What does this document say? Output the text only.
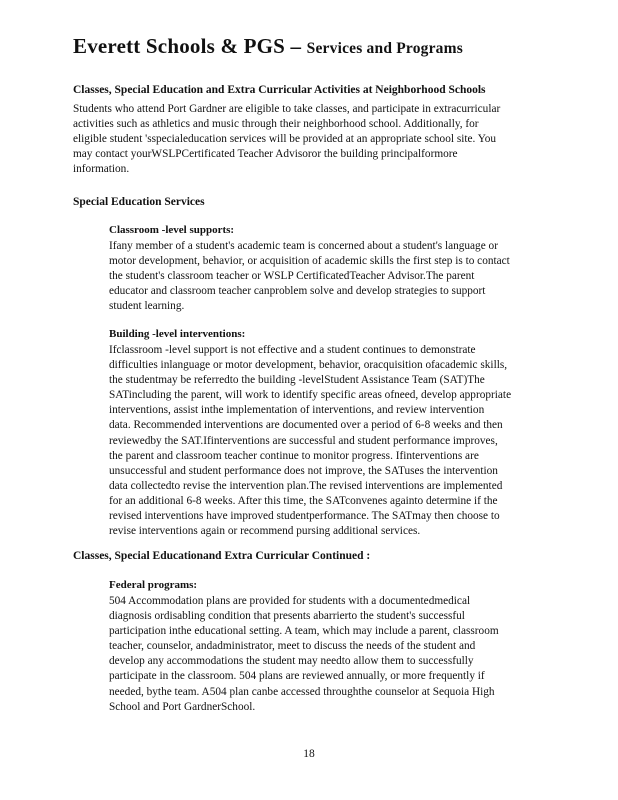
Everett Schools & PGS – Services and Programs
Classes, Special Education and Extra Curricular Activities at Neighborhood Schools
Students who attend Port Gardner are eligible to take classes, and participate in extracurricular
activities such as athletics and music through their neighborhood school. Additionally, for
eligible student 'sspecialeducation services will be provided at an appropriate school site. You
may contact yourWSLPCertificated Teacher Advisoror the building principalformore
information.
Special Education Services
Classroom -level supports:
Ifany member of a student's academic team is concerned about a student's language or
motor development, behavior, or acquisition of academic skills the first step is to contact
the student's classroom teacher or WSLP CertificatedTeacher Advisor.The parent
educator and classroom teacher canproblem solve and develop strategies to support
student learning.
Building -level interventions:
Ifclassroom -level support is not effective and a student continues to demonstrate
difficulties inlanguage or motor development, behavior, oracquisition ofacademic skills,
the studentmay be referredto the building -levelStudent Assistance Team (SAT)The
SATincluding the parent, will work to identify specific areas ofneed, develop appropriate
interventions, assist inthe implementation of interventions, and review intervention
data. Recommended interventions are documented over a period of 6-8 weeks and then
reviewedby the SAT.Ifinterventions are successful and student performance improves,
the parent and classroom teacher continue to monitor progress. Ifinterventions are
unsuccessful and student performance does not improve, the SATuses the intervention
data collectedto revise the intervention plan.The revised interventions are implemented
for an additional 6-8 weeks. After this time, the SATconvenes againto determine if the
revised interventions have improved studentperformance. The SATmay then choose to
revise interventions again or recommend pursing additional services.
Classes, Special Educationand Extra Curricular Continued :
Federal programs:
504 Accommodation plans are provided for students with a documentedmedical
diagnosis ordisabling condition that presents abarrierto the student's successful
participation inthe educational setting. A team, which may include a parent, classroom
teacher, counselor, andadministrator, meet to discuss the needs of the student and
develop any accommodations the student may needto allow them to successfully
participate in the classroom. 504 plans are reviewed annually, or more frequently if
needed, bythe team. A504 plan canbe accessed throughthe counselor at Sequoia High
School and Port GardnerSchool.

18
